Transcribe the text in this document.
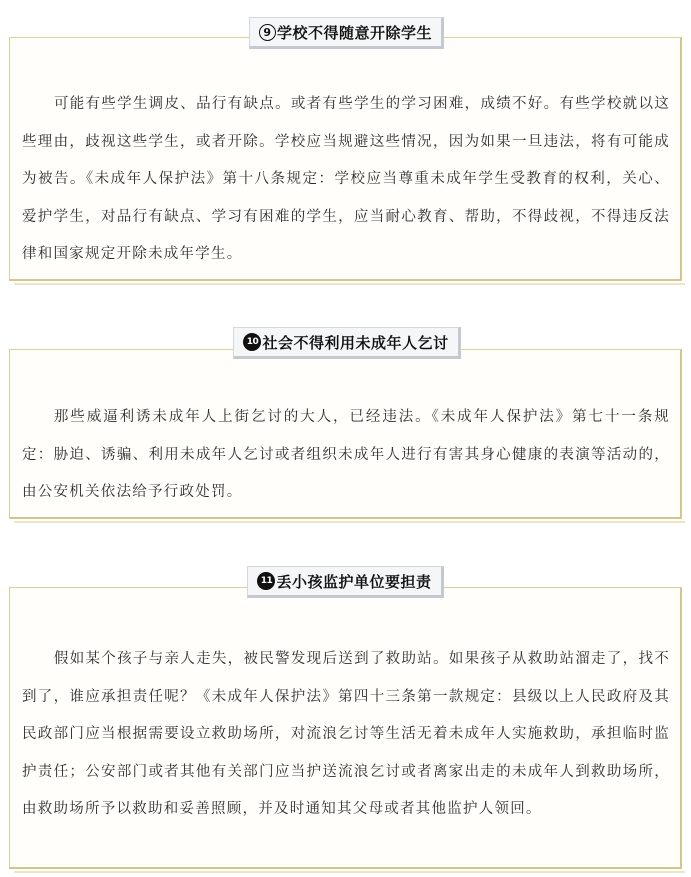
可能有些学生调皮、品行有缺点。或者有些学生的学习困难，成绩不好。有些学校就以这些理由，歧视这些学生，或者开除。学校应当规避这些情况，因为如果一旦违法，将有可能成为被告。《未成年人保护法》第十八条规定：学校应当尊重未成年学生受教育的权利，关心、爱护学生，对品行有缺点、学习有困难的学生，应当耐心教育、帮助，不得歧视，不得违反法律和国家规定开除未成年学生。

9 学校不得随意开除学生

那些威逼利诱未成年人上街乞讨的大人，已经违法。《未成年人保护法》第七十一条规定：胁迫、诱骗、利用未成年人乞讨或者组织未成年人进行有害其身心健康的表演等活动的，由公安机关依法给予行政处罚。

10 社会不得利用未成年人乞讨

假如某个孩子与亲人走失，被民警发现后送到了救助站。如果孩子从救助站溜走了，找不到了，谁应承担责任呢？《未成年人保护法》第四十三条第一款规定：县级以上人民政府及其民政部门应当根据需要设立救助场所，对流浪乞讨等生活无着未成年人实施救助，承担临时监护责任；公安部门或者其他有关部门应当护送流浪乞讨或者离家出走的未成年人到救助场所，由救助场所予以救助和妥善照顾，并及时通知其父母或者其他监护人领回。

11 丢小孩监护单位要担责
